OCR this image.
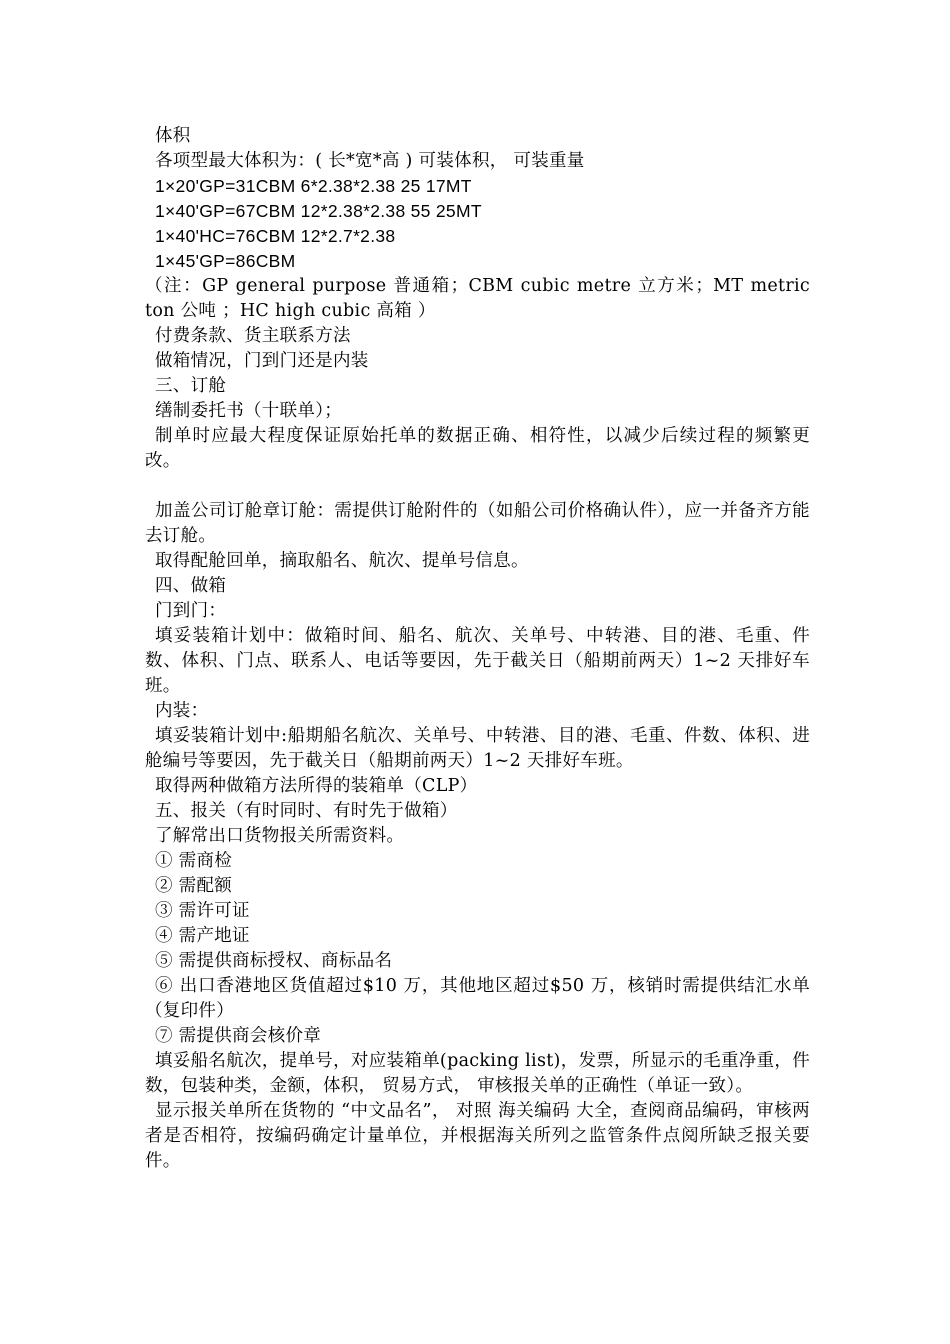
体积
各项型最大体积为：( 长*宽*高 ) 可装体积， 可装重量
1×20'GP=31CBM 6*2.38*2.38 25 17MT
1×40'GP=67CBM 12*2.38*2.38 55 25MT
1×40'HC=76CBM 12*2.7*2.38
1×45'GP=86CBM
（注：GP general purpose 普通箱；CBM cubic metre 立方米；MT metric ton 公吨 ；HC high cubic 高箱 ）
付费条款、货主联系方法
做箱情况，门到门还是内装
三、订舱
缮制委托书（十联单）；
制单时应最大程度保证原始托单的数据正确、相符性，以减少后续过程的频繁更改。
加盖公司订舱章订舱：需提供订舱附件的（如船公司价格确认件），应一并备齐方能去订舱。
取得配舱回单，摘取船名、航次、提单号信息。
四、做箱
门到门：
填妥装箱计划中：做箱时间、船名、航次、关单号、中转港、目的港、毛重、件数、体积、门点、联系人、电话等要因，先于截关日（船期前两天）1~2 天排好车班。
内装：
填妥装箱计划中:船期船名航次、关单号、中转港、目的港、毛重、件数、体积、进舱编号等要因，先于截关日（船期前两天）1~2 天排好车班。
取得两种做箱方法所得的装箱单（CLP）
五、报关（有时同时、有时先于做箱）
了解常出口货物报关所需资料。
① 需商检
② 需配额
③ 需许可证
④ 需产地证
⑤ 需提供商标授权、商标品名
⑥ 出口香港地区货值超过$10 万，其他地区超过$50 万，核销时需提供结汇水单（复印件）
⑦ 需提供商会核价章
填妥船名航次，提单号，对应装箱单(packing list)，发票，所显示的毛重净重，件数，包装种类，金额，体积， 贸易方式， 审核报关单的正确性（单证一致）。
显示报关单所在货物的 “中文品名”， 对照 海关编码 大全，查阅商品编码，审核两者是否相符，按编码确定计量单位，并根据海关所列之监管条件点阅所缺乏报关要件。
